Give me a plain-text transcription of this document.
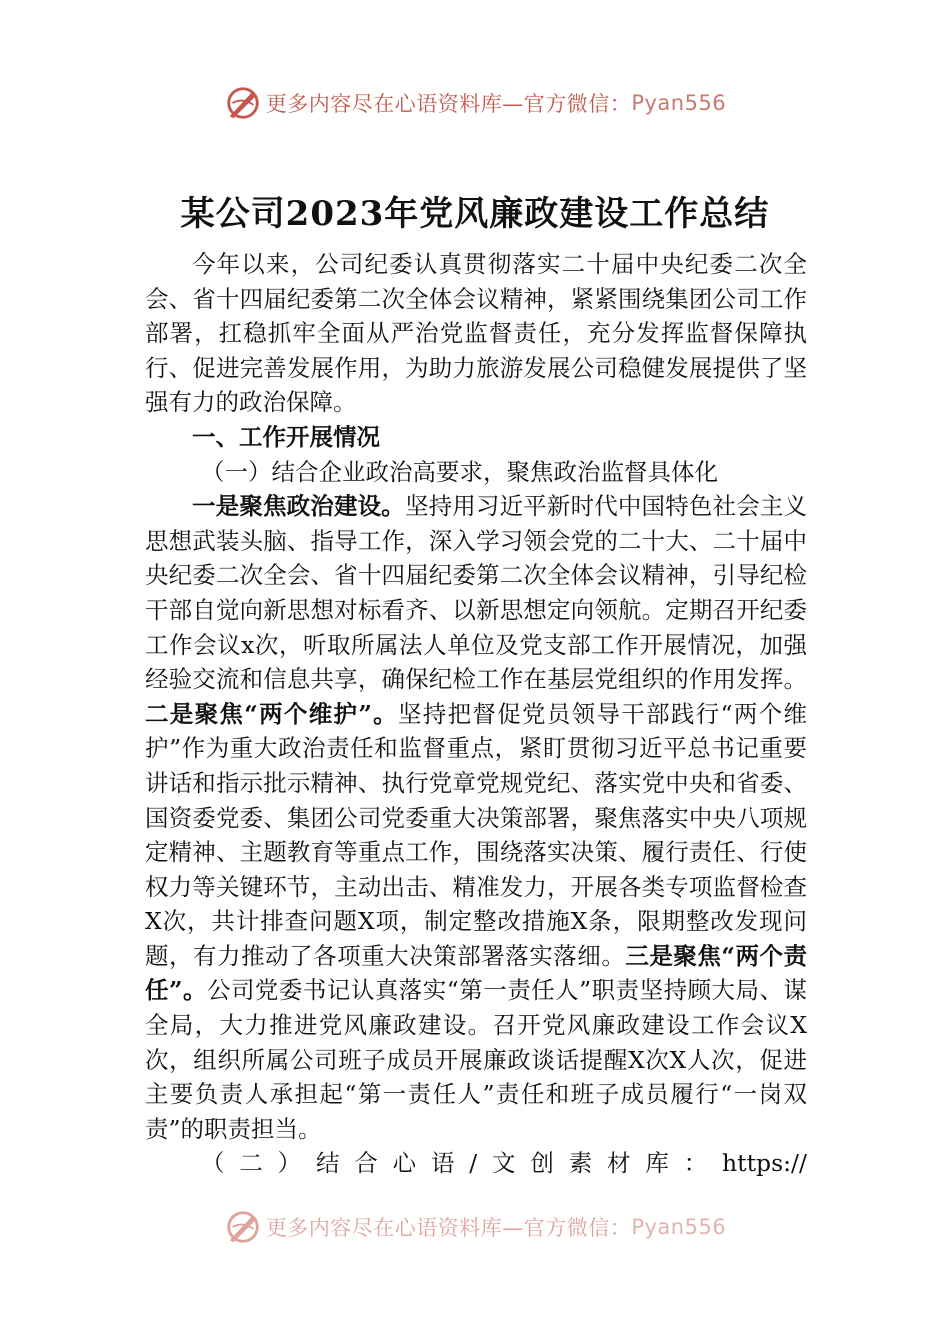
更多内容尽在心语资料库—官方微信： Pyan556
某公司2023年党风廉政建设工作总结

今年以来，公司纪委认真贯彻落实二十届中央纪委二次全会、省十四届纪委第二次全体会议精神，紧紧围绕集团公司工作部署，扛稳抓牢全面从严治党监督责任，充分发挥监督保障执行、促进完善发展作用，为助力旅游发展公司稳健发展提供了坚强有力的政治保障。

一、工作开展情况

（一）结合企业政治高要求，聚焦政治监督具体化

一是聚焦政治建设。坚持用习近平新时代中国特色社会主义思想武装头脑、指导工作，深入学习领会党的二十大、二十届中央纪委二次全会、省十四届纪委第二次全体会议精神，引导纪检干部自觉向新思想对标看齐、以新思想定向领航。定期召开纪委工作会议x次，听取所属法人单位及党支部工作开展情况，加强经验交流和信息共享，确保纪检工作在基层党组织的作用发挥。二是聚焦“两个维护”。坚持把督促党员领导干部践行“两个维护”作为重大政治责任和监督重点，紧盯贯彻习近平总书记重要讲话和指示批示精神、执行党章党规党纪、落实党中央和省委、国资委党委、集团公司党委重大决策部署，聚焦落实中央八项规定精神、主题教育等重点工作，围绕落实决策、履行责任、行使权力等关键环节，主动出击、精准发力，开展各类专项监督检查X次，共计排查问题X项，制定整改措施X条，限期整改发现问题，有力推动了各项重大决策部署落实落细。三是聚焦“两个责任”。公司党委书记认真落实“第一责任人”职责坚持顾大局、谋全局，大力推进党风廉政建设。召开党风廉政建设工作会议X次，组织所属公司班子成员开展廉政谈话提醒X次X人次，促进主要负责人承担起“第一责任人”责任和班子成员履行“一岗双责”的职责担当。

（ 二 ） 结 合 心 语 / 文 创 素 材 库 ： https://
更多内容尽在心语资料库—官方微信： Pyan556
